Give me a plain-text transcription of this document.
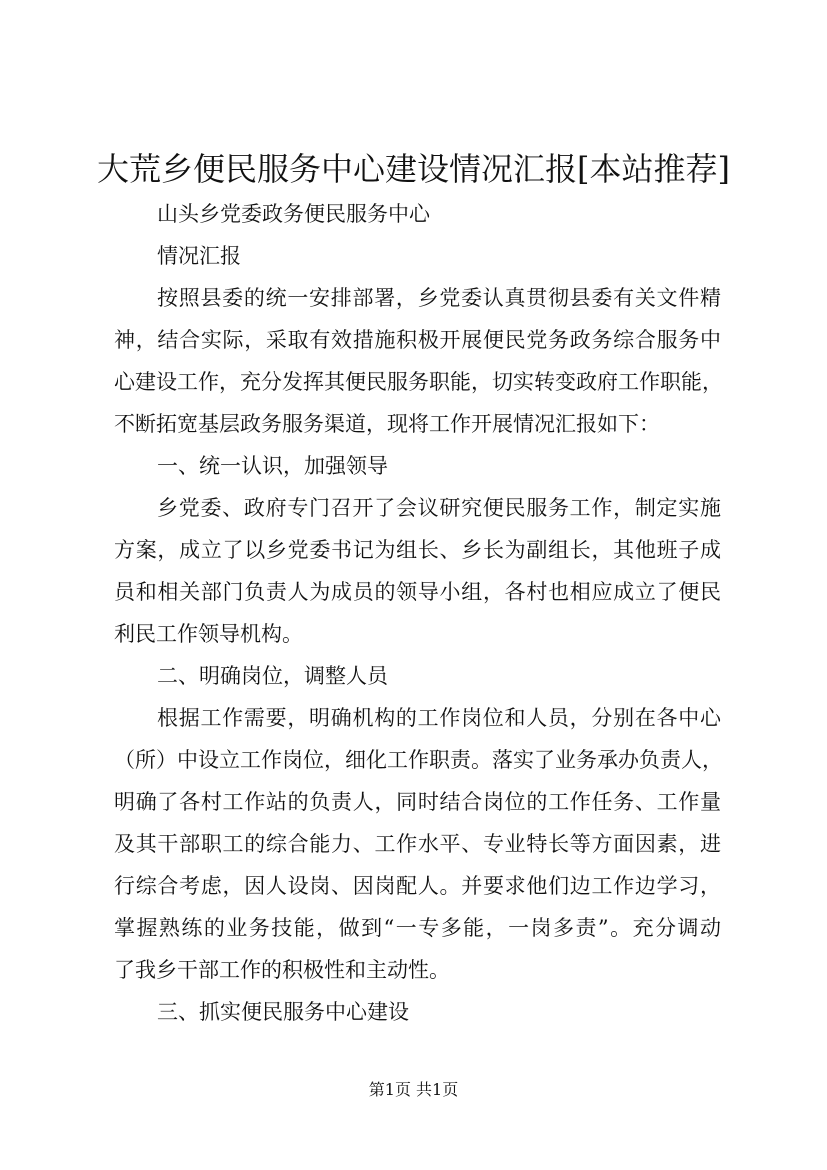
大荒乡便民服务中心建设情况汇报[本站推荐]

山头乡党委政务便民服务中心

情况汇报

按照县委的统一安排部署，乡党委认真贯彻县委有关文件精

神，结合实际，采取有效措施积极开展便民党务政务综合服务中

心建设工作，充分发挥其便民服务职能，切实转变政府工作职能，

不断拓宽基层政务服务渠道，现将工作开展情况汇报如下：

一、统一认识，加强领导

乡党委、政府专门召开了会议研究便民服务工作，制定实施

方案，成立了以乡党委书记为组长、乡长为副组长，其他班子成

员和相关部门负责人为成员的领导小组，各村也相应成立了便民

利民工作领导机构。

二、明确岗位，调整人员

根据工作需要，明确机构的工作岗位和人员，分别在各中心

（所）中设立工作岗位，细化工作职责。落实了业务承办负责人，

明确了各村工作站的负责人，同时结合岗位的工作任务、工作量

及其干部职工的综合能力、工作水平、专业特长等方面因素，进

行综合考虑，因人设岗、因岗配人。并要求他们边工作边学习，

掌握熟练的业务技能，做到“一专多能，一岗多责”。充分调动

了我乡干部工作的积极性和主动性。

三、抓实便民服务中心建设

第1页 共1页
